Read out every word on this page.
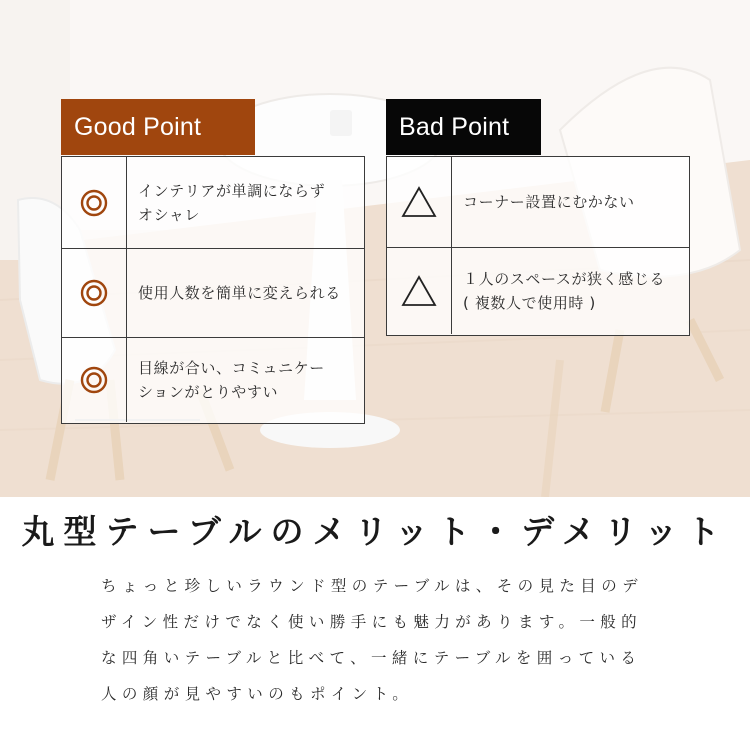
Good Point
インテリアが単調にならず
オシャレ
使用人数を簡単に変えられる
目線が合い、コミュニケー
ションがとりやすい
Bad Point
コーナー設置にむかない
１人のスペースが狭く感じる
( 複数人で使用時 )
丸型テーブルのメリット・デメリット
ちょっと珍しいラウンド型のテーブルは、その見た目のデ
ザイン性だけでなく使い勝手にも魅力があります。一般的
な四角いテーブルと比べて、一緒にテーブルを囲っている
人の顔が見やすいのもポイント。
